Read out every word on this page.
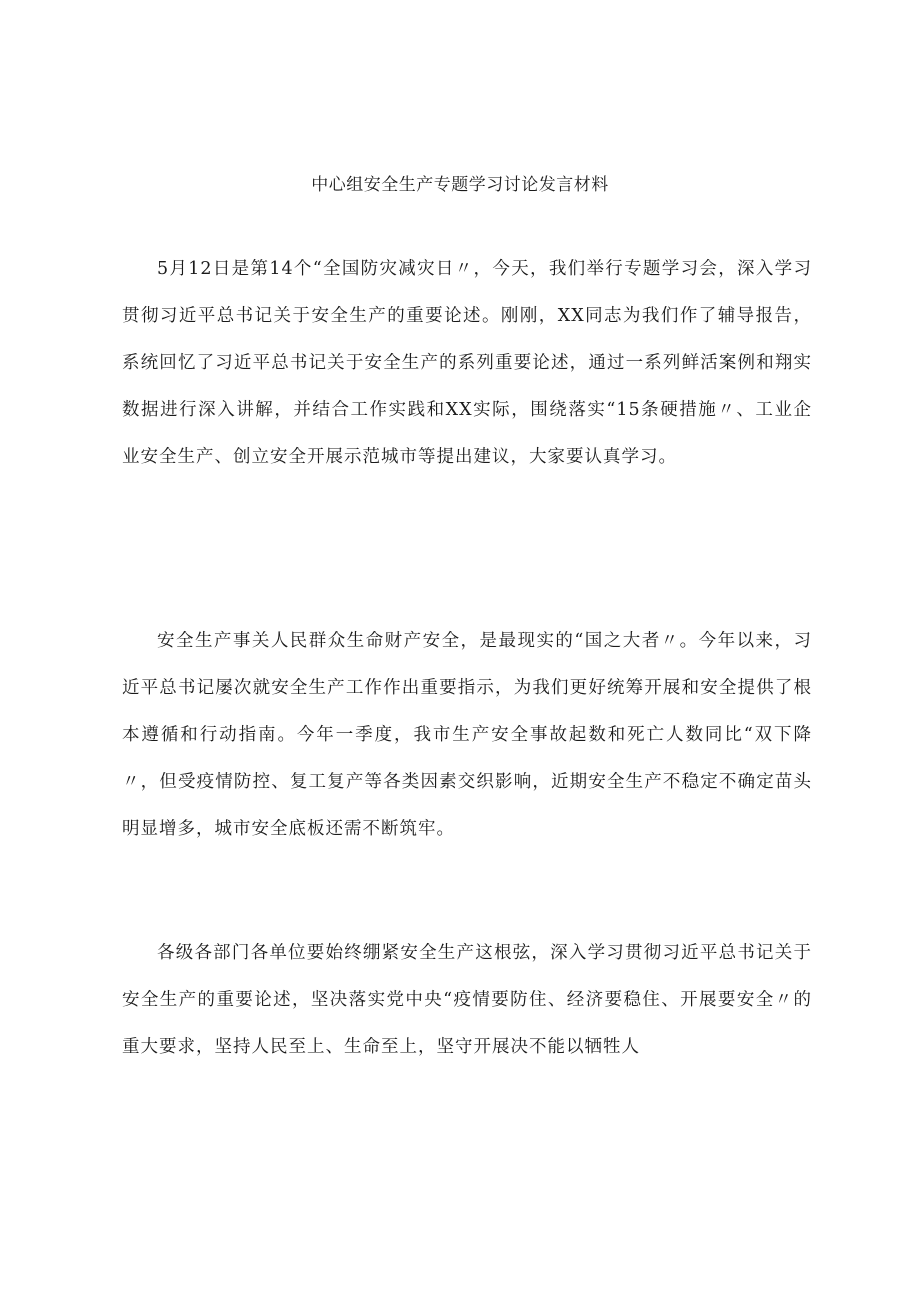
中心组安全生产专题学习讨论发言材料

5月12日是第14个“全国防灾减灾日〃，今天，我们举行专题学习会，深入学习贯彻习近平总书记关于安全生产的重要论述。刚刚，XX同志为我们作了辅导报告，系统回忆了习近平总书记关于安全生产的系列重要论述，通过一系列鲜活案例和翔实数据进行深入讲解，并结合工作实践和XX实际，围绕落实“15条硬措施〃、工业企业安全生产、创立安全开展示范城市等提出建议，大家要认真学习。

安全生产事关人民群众生命财产安全，是最现实的“国之大者〃。今年以来，习近平总书记屡次就安全生产工作作出重要指示，为我们更好统筹开展和安全提供了根本遵循和行动指南。今年一季度，我市生产安全事故起数和死亡人数同比“双下降〃，但受疫情防控、复工复产等各类因素交织影响，近期安全生产不稳定不确定苗头明显增多，城市安全底板还需不断筑牢。

各级各部门各单位要始终绷紧安全生产这根弦，深入学习贯彻习近平总书记关于安全生产的重要论述，坚决落实党中央“疫情要防住、经济要稳住、开展要安全〃的重大要求，坚持人民至上、生命至上，坚守开展决不能以牺牲人
